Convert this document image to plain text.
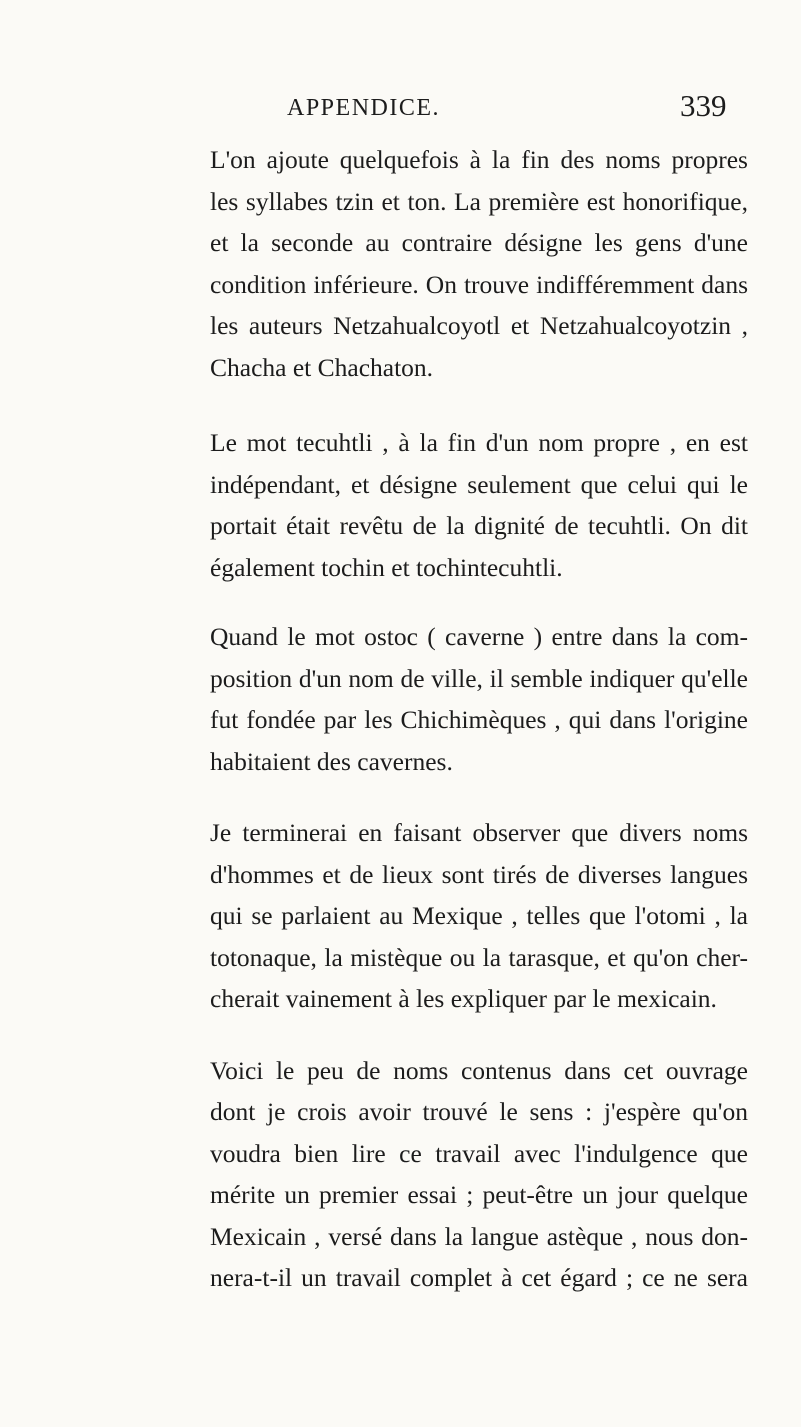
APPENDICE.	339

L'on ajoute quelquefois à la fin des noms propres
les syllabes tzin et ton. La première est honorifique,
et la seconde au contraire désigne les gens d'une
condition inférieure. On trouve indifféremment dans
les auteurs Netzahualcoyotl et Netzahualcoyotzin ,
Chacha et Chachaton.

Le mot tecuhtli , à la fin d'un nom propre , en est
indépendant, et désigne seulement que celui qui le
portait était revêtu de la dignité de tecuhtli. On dit
également tochin et tochintecuhtli.

Quand le mot ostoc ( caverne ) entre dans la com-
position d'un nom de ville, il semble indiquer qu'elle
fut fondée par les Chichimèques , qui dans l'origine
habitaient des cavernes.

Je terminerai en faisant observer que divers noms
d'hommes et de lieux sont tirés de diverses langues
qui se parlaient au Mexique , telles que l'otomi , la
totonaque, la mistèque ou la tarasque, et qu'on cher-
cherait vainement à les expliquer par le mexicain.

Voici le peu de noms contenus dans cet ouvrage
dont je crois avoir trouvé le sens : j'espère qu'on
voudra bien lire ce travail avec l'indulgence que
mérite un premier essai ; peut-être un jour quelque
Mexicain , versé dans la langue astèque , nous don-
nera-t-il un travail complet à cet égard ; ce ne sera
